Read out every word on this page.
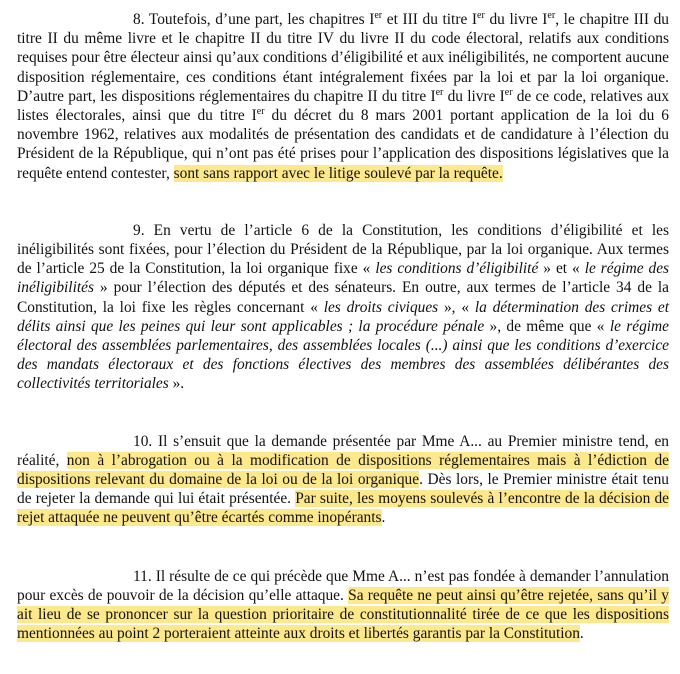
8. Toutefois, d’une part, les chapitres Ier et III du titre Ier du livre Ier, le chapitre III du titre II du même livre et le chapitre II du titre IV du livre II du code électoral, relatifs aux conditions requises pour être électeur ainsi qu’aux conditions d’éligibilité et aux inéligibilités, ne comportent aucune disposition réglementaire, ces conditions étant intégralement fixées par la loi et par la loi organique. D’autre part, les dispositions réglementaires du chapitre II du titre Ier du livre Ier de ce code, relatives aux listes électorales, ainsi que du titre Ier du décret du 8 mars 2001 portant application de la loi du 6 novembre 1962, relatives aux modalités de présentation des candidats et de candidature à l’élection du Président de la République, qui n’ont pas été prises pour l’application des dispositions législatives que la requête entend contester, sont sans rapport avec le litige soulevé par la requête.

9. En vertu de l’article 6 de la Constitution, les conditions d’éligibilité et les inéligibilités sont fixées, pour l’élection du Président de la République, par la loi organique. Aux termes de l’article 25 de la Constitution, la loi organique fixe « les conditions d’éligibilité » et « le régime des inéligibilités » pour l’élection des députés et des sénateurs. En outre, aux termes de l’article 34 de la Constitution, la loi fixe les règles concernant « les droits civiques », « la détermination des crimes et délits ainsi que les peines qui leur sont applicables ; la procédure pénale », de même que « le régime électoral des assemblées parlementaires, des assemblées locales (...) ainsi que les conditions d’exercice des mandats électoraux et des fonctions électives des membres des assemblées délibérantes des collectivités territoriales ».

10. Il s’ensuit que la demande présentée par Mme A... au Premier ministre tend, en réalité, non à l’abrogation ou à la modification de dispositions réglementaires mais à l’édiction de dispositions relevant du domaine de la loi ou de la loi organique. Dès lors, le Premier ministre était tenu de rejeter la demande qui lui était présentée. Par suite, les moyens soulevés à l’encontre de la décision de rejet attaquée ne peuvent qu’être écartés comme inopérants.

11. Il résulte de ce qui précède que Mme A... n’est pas fondée à demander l’annulation pour excès de pouvoir de la décision qu’elle attaque. Sa requête ne peut ainsi qu’être rejetée, sans qu’il y ait lieu de se prononcer sur la question prioritaire de constitutionnalité tirée de ce que les dispositions mentionnées au point 2 porteraient atteinte aux droits et libertés garantis par la Constitution.
